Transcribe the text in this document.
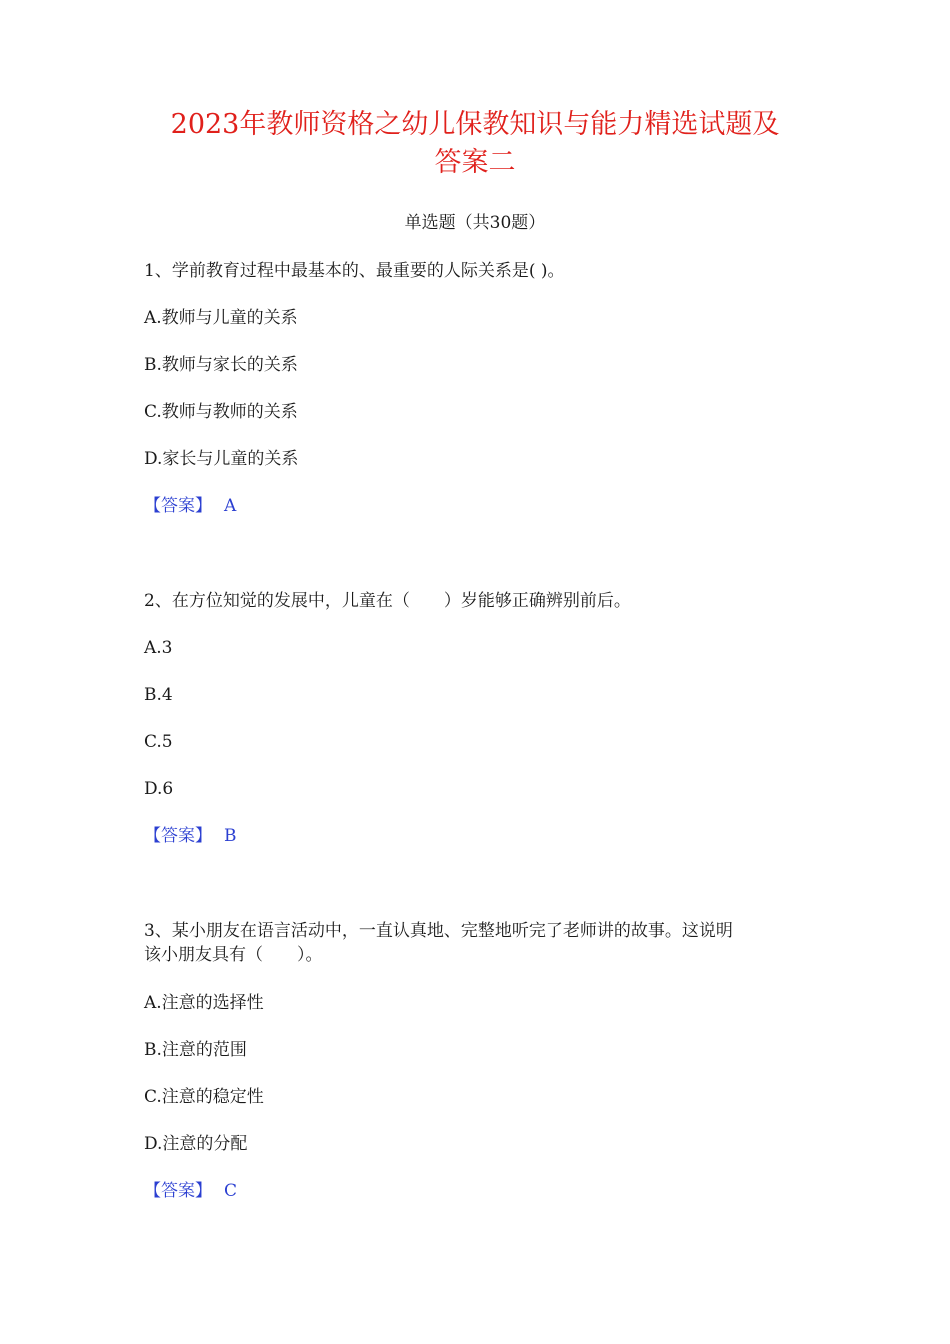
2023年教师资格之幼儿保教知识与能力精选试题及
答案二
单选题（共30题）
1、学前教育过程中最基本的、最重要的人际关系是( )。
A.教师与儿童的关系
B.教师与家长的关系
C.教师与教师的关系
D.家长与儿童的关系
【答案】 A
2、在方位知觉的发展中，儿童在（　　）岁能够正确辨别前后。
A.3
B.4
C.5
D.6
【答案】 B
3、某小朋友在语言活动中，一直认真地、完整地听完了老师讲的故事。这说明
该小朋友具有（　　）。
A.注意的选择性
B.注意的范围
C.注意的稳定性
D.注意的分配
【答案】 C
